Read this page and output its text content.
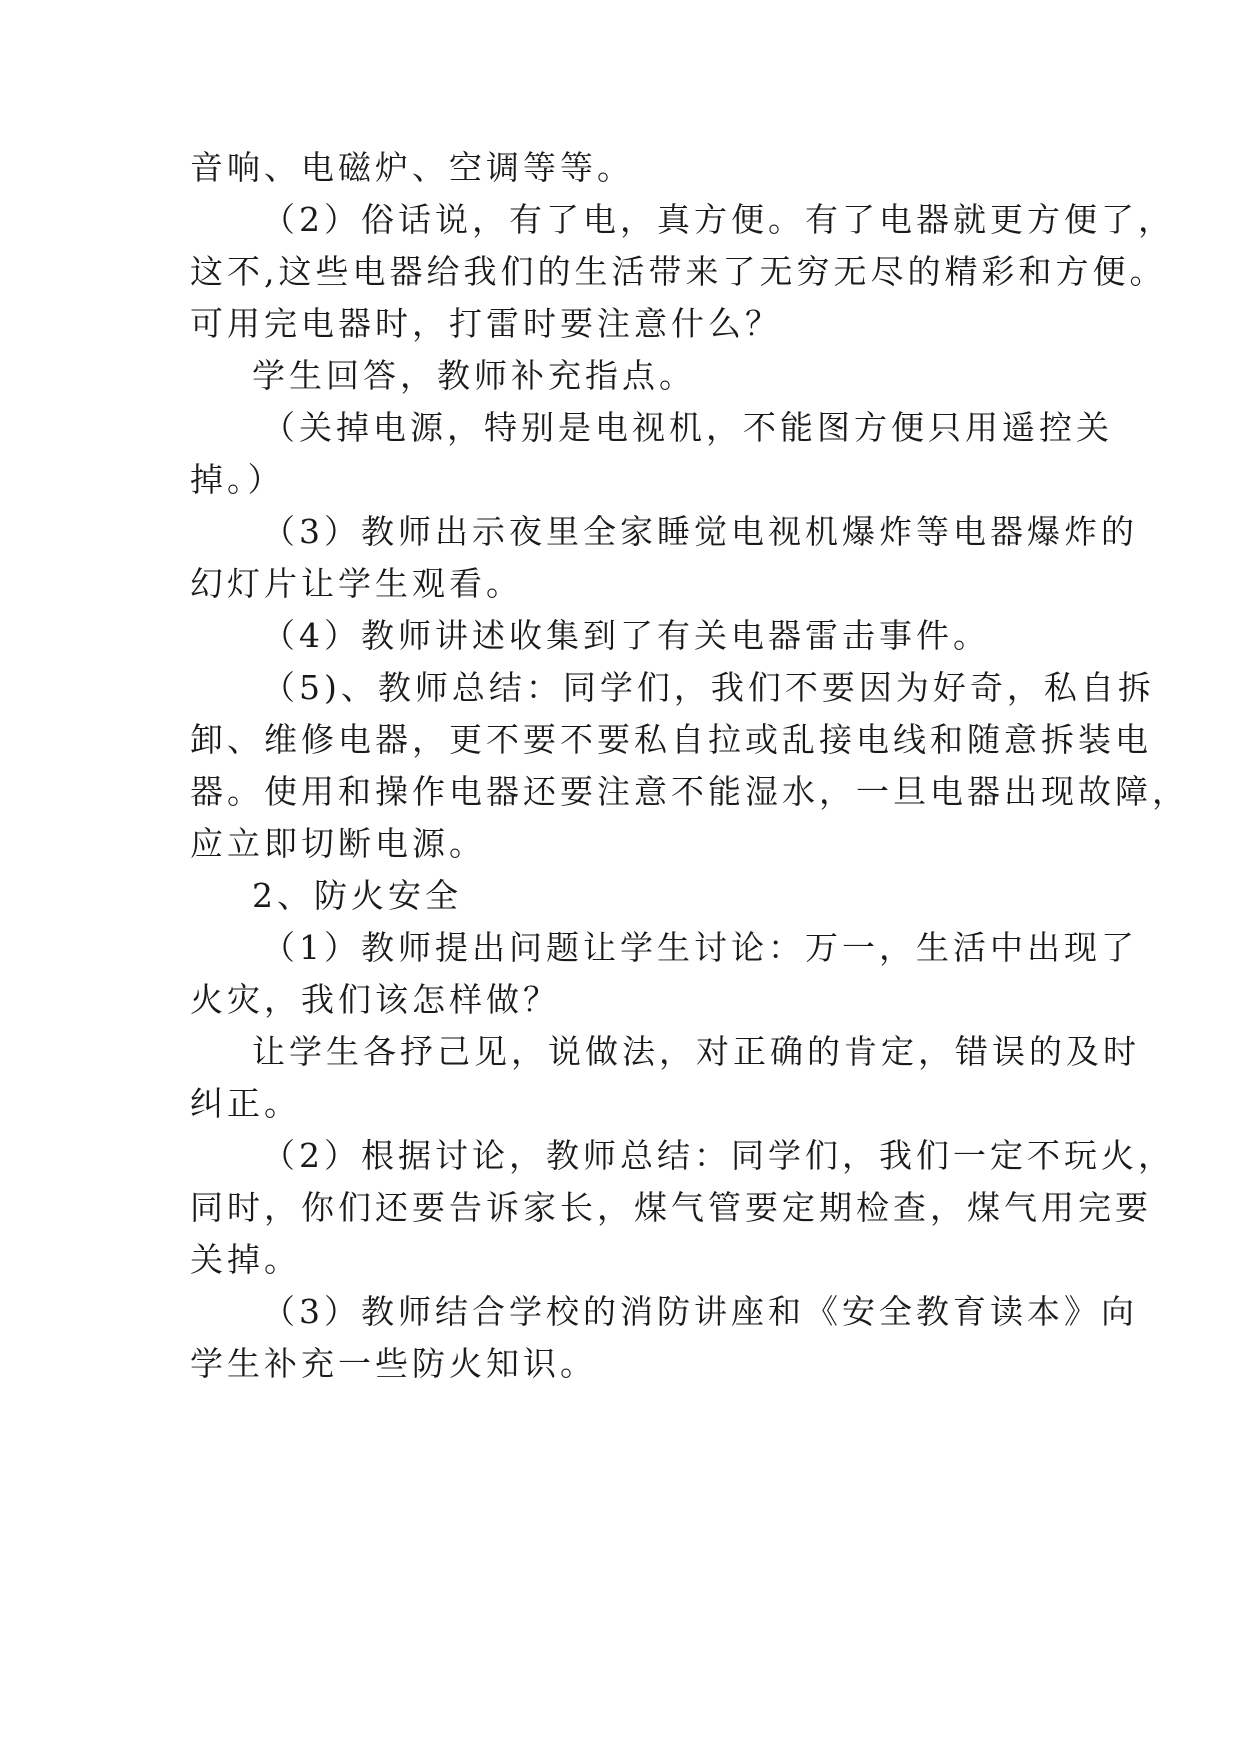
音响、电磁炉、空调等等。

（2）俗话说，有了电，真方便。有了电器就更方便了，

这不,这些电器给我们的生活带来了无穷无尽的精彩和方便。

可用完电器时，打雷时要注意什么？

学生回答，教师补充指点。

（关掉电源，特别是电视机，不能图方便只用遥控关

掉。）

（3）教师出示夜里全家睡觉电视机爆炸等电器爆炸的

幻灯片让学生观看。

（4）教师讲述收集到了有关电器雷击事件。

（5)、教师总结：同学们，我们不要因为好奇，私自拆

卸、维修电器，更不要不要私自拉或乱接电线和随意拆装电

器。使用和操作电器还要注意不能湿水，一旦电器出现故障，

应立即切断电源。

2、防火安全

（1）教师提出问题让学生讨论：万一，生活中出现了

火灾，我们该怎样做？

让学生各抒己见，说做法，对正确的肯定，错误的及时

纠正。

（2）根据讨论，教师总结：同学们，我们一定不玩火，

同时，你们还要告诉家长，煤气管要定期检查，煤气用完要

关掉。

（3）教师结合学校的消防讲座和《安全教育读本》向

学生补充一些防火知识。
